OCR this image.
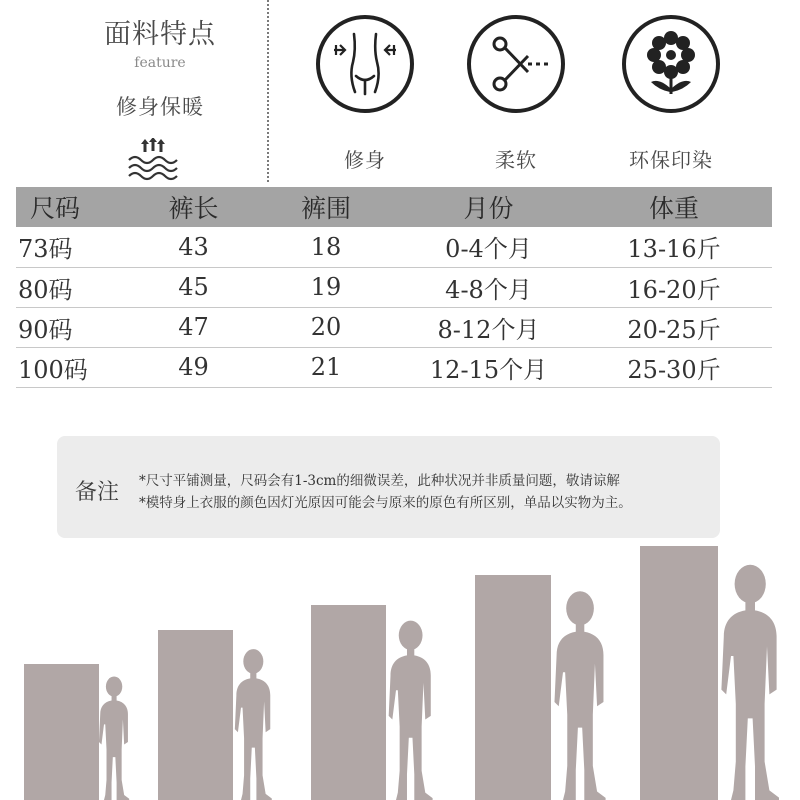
面料特点
feature
修身保暖
修身	柔软	环保印染
尺码	裤长	裤围	月份	体重
73码	43	18	0-4个月	13-16斤
80码	45	19	4-8个月	16-20斤
90码	47	20	8-12个月	20-25斤
100码	49	21	12-15个月	25-30斤
备注 *尺寸平铺测量，尺码会有1-3cm的细微误差，此种状况并非质量问题，敬请谅解
*模特身上衣服的颜色因灯光原因可能会与原来的原色有所区别，单品以实物为主。
